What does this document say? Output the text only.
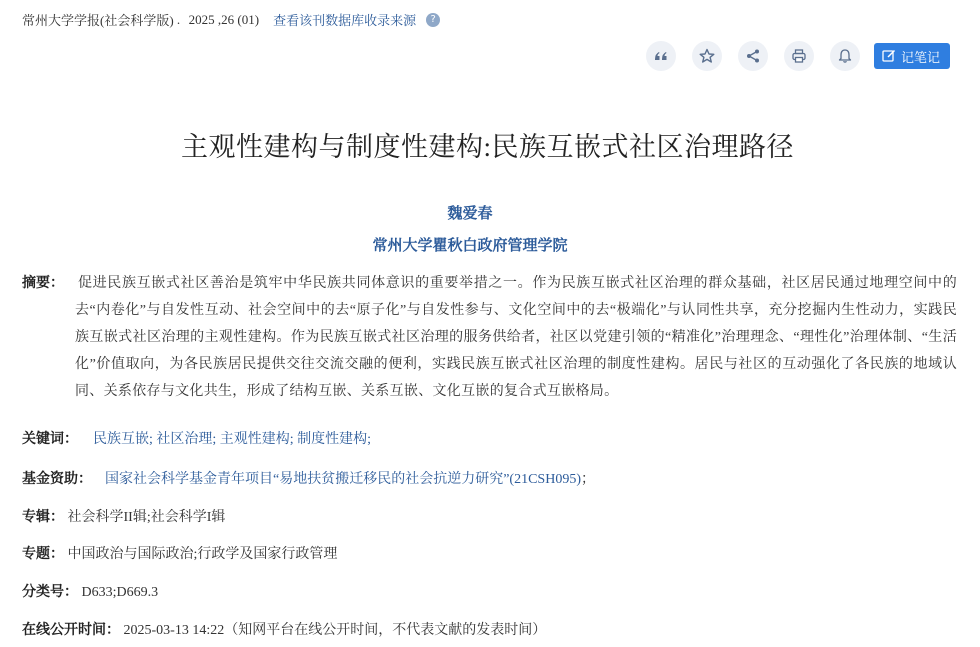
常州大学学报(社会科学版) . 2025 ,26 (01) 查看该刊数据库收录来源	?
记笔记
主观性建构与制度性建构:民族互嵌式社区治理路径
魏爱春
常州大学瞿秋白政府管理学院
摘要：	促进民族互嵌式社区善治是筑牢中华民族共同体意识的重要举措之一。作为民族互嵌式社区治理的群众基础，社区居民通过地理空间中的去“内卷化”与自发性互动、社会空间中的去“原子化”与自发性参与、文化空间中的去“极端化”与认同性共享，充分挖掘内生性动力，实践民族互嵌式社区治理的主观性建构。作为民族互嵌式社区治理的服务供给者，社区以党建引领的“精准化”治理理念、“理性化”治理体制、“生活化”价值取向，为各民族居民提供交往交流交融的便利，实践民族互嵌式社区治理的制度性建构。居民与社区的互动强化了各民族的地域认同、关系依存与文化共生，形成了结构互嵌、关系互嵌、文化互嵌的复合式互嵌格局。
关键词： 民族互嵌; 社区治理; 主观性建构; 制度性建构;
基金资助： 国家社会科学基金青年项目“易地扶贫搬迁移民的社会抗逆力研究”(21CSH095)；
专辑： 社会科学II辑;社会科学I辑
专题： 中国政治与国际政治;行政学及国家行政管理
分类号： D633;D669.3
在线公开时间： 2025-03-13 14:22（知网平台在线公开时间，不代表文献的发表时间）
